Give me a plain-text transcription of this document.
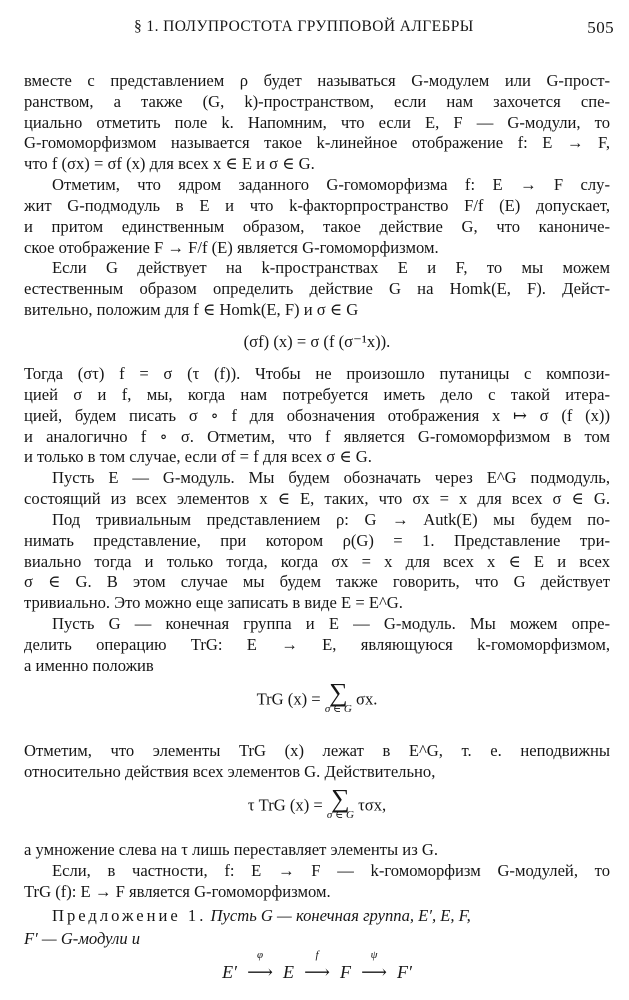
§ 1. ПОЛУПРОСТОТА ГРУППОВОЙ АЛГЕБРЫ	505
вместе с представлением ρ будет называться G-модулем или G-прост-
ранством, а также (G, k)-пространством, если нам захочется спе-
циально отметить поле k. Напомним, что если E, F — G-модули, то
G-гомоморфизмом называется такое k-линейное отображение f: E → F,
что f (σx) = σf (x) для всех x ∈ E и σ ∈ G.
Отметим, что ядром заданного G-гомоморфизма f: E → F слу-
жит G-подмодуль в E и что k-факторпространство F/f (E) допускает,
и притом единственным образом, такое действие G, что канониче-
ское отображение F → F/f (E) является G-гомоморфизмом.
Если G действует на k-пространствах E и F, то мы можем
естественным образом определить действие G на Homk(E, F). Дейст-
вительно, положим для f ∈ Homk(E, F) и σ ∈ G
(σf) (x) = σ (f (σ⁻¹x)).
Тогда (στ) f = σ (τ (f)). Чтобы не произошло путаницы с компози-
цией σ и f, мы, когда нам потребуется иметь дело с такой итера-
цией, будем писать σ ∘ f для обозначения отображения x ↦ σ (f (x))
и аналогично f ∘ σ. Отметим, что f является G-гомоморфизмом в том
и только в том случае, если σf = f для всех σ ∈ G.
Пусть E — G-модуль. Мы будем обозначать через E^G подмодуль,
состоящий из всех элементов x ∈ E, таких, что σx = x для всех σ ∈ G.
Под тривиальным представлением ρ: G → Autk(E) мы будем по-
нимать представление, при котором ρ(G) = 1. Представление три-
виально тогда и только тогда, когда σx = x для всех x ∈ E и всех
σ ∈ G. В этом случае мы будем также говорить, что G действует
тривиально. Это можно еще записать в виде E = E^G.
Пусть G — конечная группа и E — G-модуль. Мы можем опре-
делить операцию TrG: E → E, являющуюся k-гомоморфизмом,
а именно положив
TrG (x) = ∑
σ ∈ G
σx.
Отметим, что элементы TrG (x) лежат в E^G, т. е. неподвижны
относительно действия всех элементов G. Действительно,
τ TrG (x) = ∑
σ ∈ G
τσx,
а умножение слева на τ лишь переставляет элементы из G.
Если, в частности, f: E → F — k-гомоморфизм G-модулей, то
TrG (f): E → F является G-гомоморфизмом.
Предложение 1. Пусть G — конечная группа, E′, E, F,
F′ — G-модули и
E′
φ
⟶ E
f
⟶ F
ψ
⟶ F′
